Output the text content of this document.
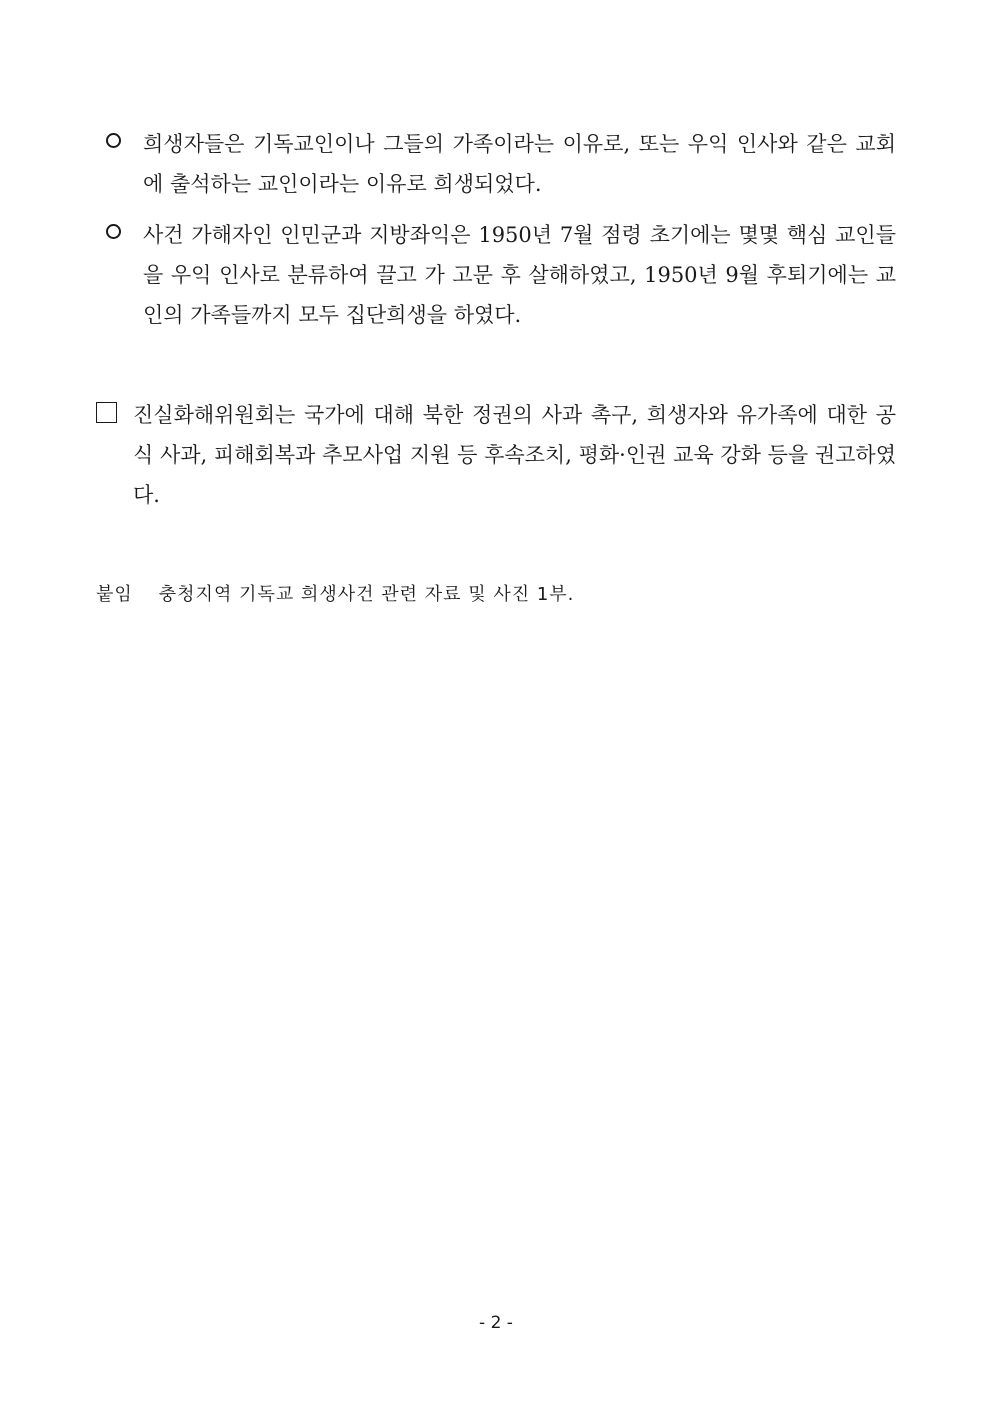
희생자들은 기독교인이나 그들의 가족이라는 이유로, 또는 우익 인사와 같은 교회에 출석하는 교인이라는 이유로 희생되었다.
사건 가해자인 인민군과 지방좌익은 1950년 7월 점령 초기에는 몇몇 핵심 교인들을 우익 인사로 분류하여 끌고 가 고문 후 살해하였고, 1950년 9월 후퇴기에는 교인의 가족들까지 모두 집단희생을 하였다.
진실화해위원회는 국가에 대해 북한 정권의 사과 촉구, 희생자와 유가족에 대한 공식 사과, 피해회복과 추모사업 지원 등 후속조치, 평화·인권 교육 강화 등을 권고하였다.
붙임 충청지역 기독교 희생사건 관련 자료 및 사진 1부.
- 2 -
